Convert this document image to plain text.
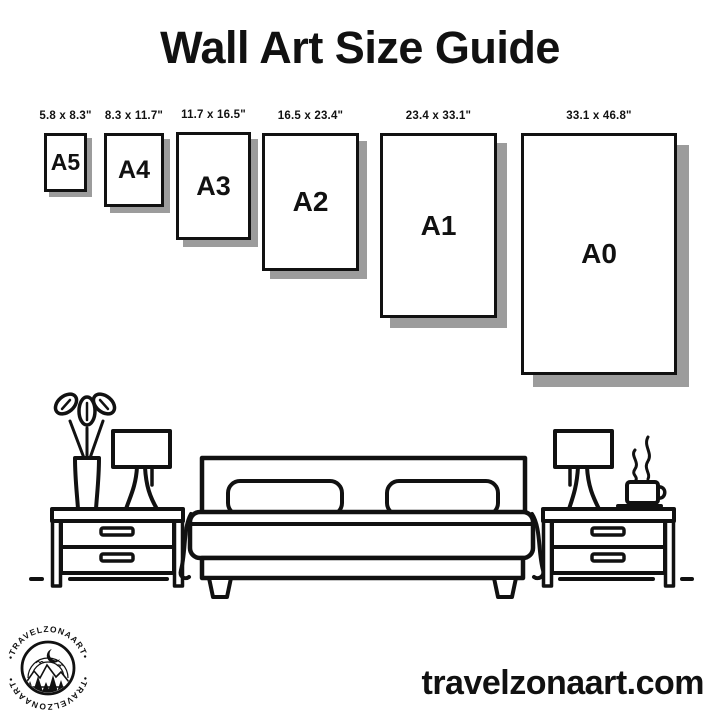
Wall Art Size Guide
5.8 x 8.3"
A5
8.3 x 11.7"
A4
11.7 x 16.5"
A3
16.5 x 23.4"
A2
23.4 x 33.1"
A1
33.1 x 46.8"
A0
•TRAVELZONAART•
•TRAVELZONAART•	travelzonaart.com
